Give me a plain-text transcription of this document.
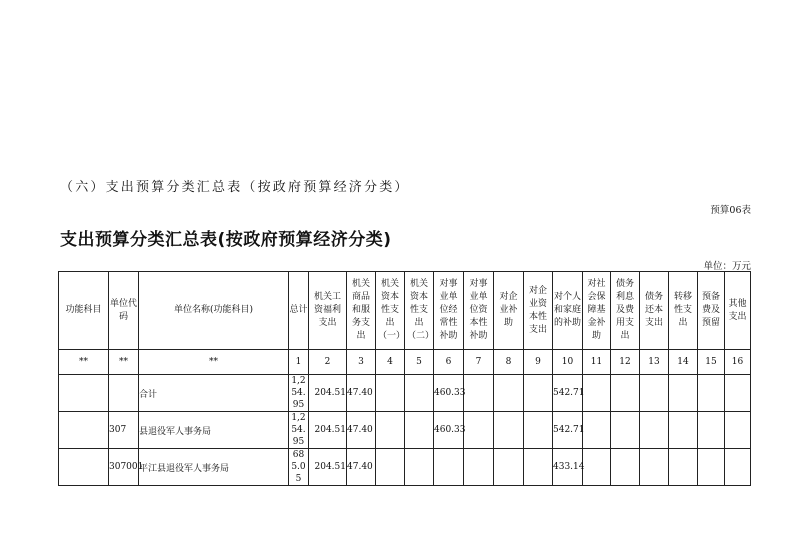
（六）支出预算分类汇总表（按政府预算经济分类）
预算06表
支出预算分类汇总表(按政府预算经济分类)
单位：万元
功能科目	单位代码	单位名称(功能科目)	总计	机关工资福利支出	机关商品和服务支出	机关资本性支出（一）	机关资本性支出（二）	对事业单位经常性补助	对事业单位资本性补助	对企业补助	对企业资本性支出	对个人和家庭的补助	对社会保障基金补助	债务利息及费用支出	债务还本支出	转移性支出	预备费及预留	其他支出

**	**	**	1	2	3	4	5	6	7	8	9	10	11	12	13	14	15	16
		合计	1,254.95	204.51	47.40			460.33				542.71						
	307	县退役军人事务局	1,254.95	204.51	47.40			460.33				542.71						
	307001	平江县退役军人事务局	685.05	204.51	47.40							433.14						
